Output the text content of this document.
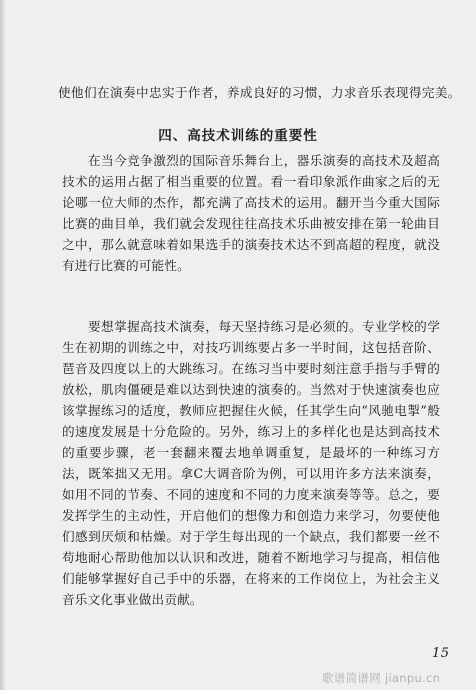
使他们在演奏中忠实于作者，养成良好的习惯，力求音乐表现得完美。
四、高技术训练的重要性

在当今竞争激烈的国际音乐舞台上，器乐演奏的高技术及超高技术的运用占据了相当重要的位置。看一看印象派作曲家之后的无论哪一位大师的杰作，都充满了高技术的运用。翻开当今重大国际比赛的曲目单，我们就会发现往往高技术乐曲被安排在第一轮曲目之中，那么就意味着如果选手的演奏技术达不到高超的程度，就没有进行比赛的可能性。

要想掌握高技术演奏，每天坚持练习是必须的。专业学校的学生在初期的训练之中，对技巧训练要占多一半时间，这包括音阶、琶音及四度以上的大跳练习。在练习当中要时刻注意手指与手臂的放松，肌肉僵硬是难以达到快速的演奏的。当然对于快速演奏也应该掌握练习的适度，教师应把握住火候，任其学生向“风驰电掣”般的速度发展是十分危险的。另外，练习上的多样化也是达到高技术的重要步骤，老一套翻来覆去地单调重复，是最坏的一种练习方法，既笨拙又无用。拿C大调音阶为例，可以用许多方法来演奏，如用不同的节奏、不同的速度和不同的力度来演奏等等。总之，要发挥学生的主动性，开启他们的想像力和创造力来学习，勿要使他们感到厌烦和枯燥。对于学生每出现的一个缺点，我们都要一丝不苟地耐心帮助他加以认识和改进，随着不断地学习与提高，相信他们能够掌握好自己手中的乐器，在将来的工作岗位上，为社会主义音乐文化事业做出贡献。

15
歌谱简谱网 jianpu.cn
